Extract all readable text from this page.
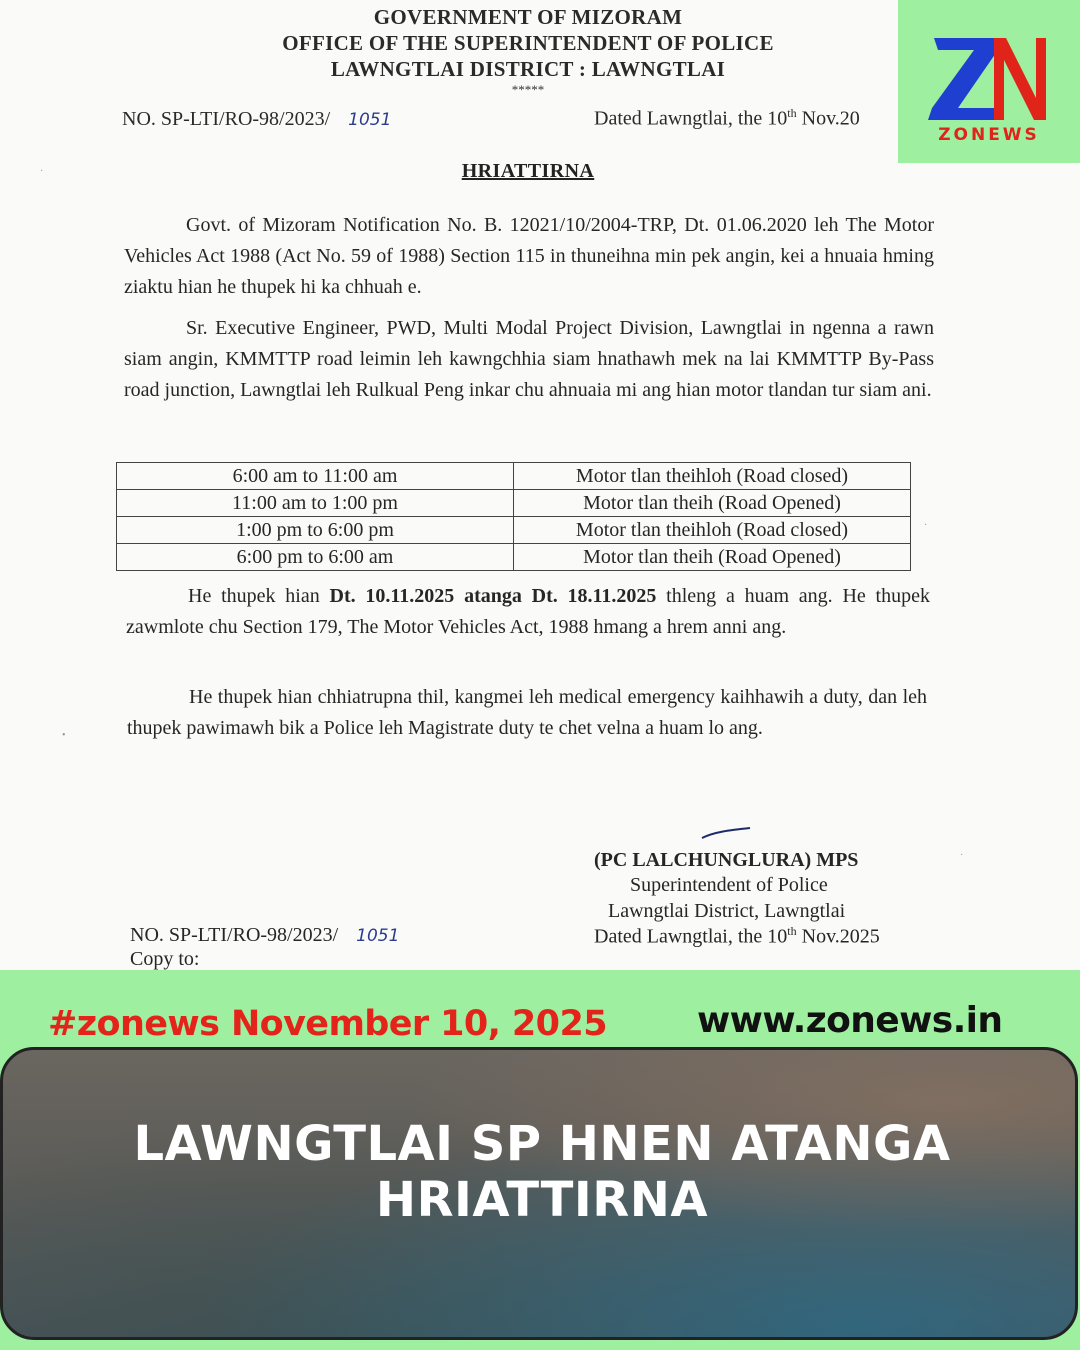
GOVERNMENT OF MIZORAM
OFFICE OF THE SUPERINTENDENT OF POLICE
LAWNGTLAI DISTRICT : LAWNGTLAI
*****
NO. SP-LTI/RO-98/2023/ 1051	Dated Lawngtlai, the 10th Nov.20
HRIATTIRNA
Govt. of Mizoram Notification No. B. 12021/10/2004-TRP, Dt. 01.06.2020 leh The Motor Vehicles Act 1988 (Act No. 59 of 1988) Section 115 in thuneihna min pek angin, kei a hnuaia hming ziaktu hian he thupek hi ka chhuah e.
Sr. Executive Engineer, PWD, Multi Modal Project Division, Lawngtlai in ngenna a rawn siam angin, KMMTTP road leimin leh kawngchhia siam hnathawh mek na lai KMMTTP By-Pass road junction, Lawngtlai leh Rulkual Peng inkar chu ahnuaia mi ang hian motor tlandan tur siam ani.
6:00 am to 11:00 am	Motor tlan theihloh (Road closed)
11:00 am to 1:00 pm	Motor tlan theih (Road Opened)
1:00 pm to 6:00 pm	Motor tlan theihloh (Road closed)
6:00 pm to 6:00 am	Motor tlan theih (Road Opened)
He thupek hian Dt. 10.11.2025 atanga Dt. 18.11.2025 thleng a huam ang. He thupek zawmlote chu Section 179, The Motor Vehicles Act, 1988 hmang a hrem anni ang.
He thupek hian chhiatrupna thil, kangmei leh medical emergency kaihhawih a duty, dan leh thupek pawimawh bik a Police leh Magistrate duty te chet velna a huam lo ang.
(PC LALCHUNGLURA) MPS
Superintendent of Police
Lawngtlai District, Lawngtlai
Dated Lawngtlai, the 10th Nov.2025
NO. SP-LTI/RO-98/2023/ 1051
Copy to:
·
•
·
·
ZONEWS
#zonews November 10, 2025	www.zonews.in
LAWNGTLAI SP HNEN ATANGA
HRIATTIRNA
